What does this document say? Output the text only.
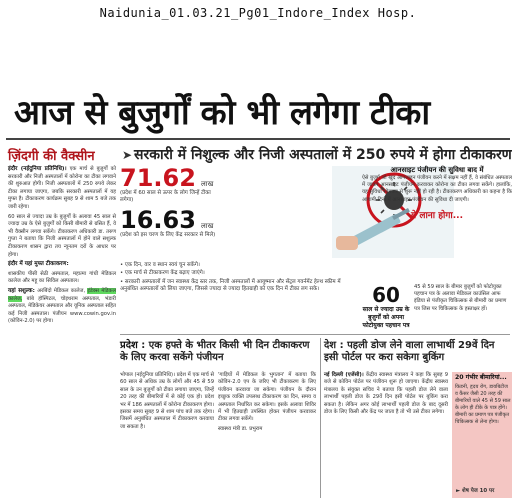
Naidunia_01.03.21_Pg01_Indore_Index Hosp.
आज से बुजुर्गों को भी लगेगा टीका
ज़िंदगी की वैक्सीन ➤ सरकारी में निशुल्क और निजी अस्पतालों में 250 रुपये में होगा टीकाकरण

इंदौर (नईदुनिया प्रतिनिधि)। एक मार्च से बुजुर्गों को सरकारी और निजी अस्पतालों में कोरोना का टीका लगवाने की शुरुआत होगी। निजी अस्पतालों में 250 रुपये लेकर टीका लगाया जाएगा, जबकि सरकारी अस्पतालों में यह मुफ्त है। टीकाकरण कार्यक्रम सुबह 9 से शाम 5 बजे तक जारी रहेगा।

60 साल से ज्यादा उम्र के बुजुर्गों के अलावा 45 साल से ज्यादा उम्र के ऐसे बुजुर्गों को किसी बीमारी से ग्रसित हैं, वे भी वैक्सीन लगवा सकेंगे। टीकाकरण अधिकारी डा. तरुण गुप्ता ने बताया कि निजी अस्पतालों में होने वाले सशुल्क टीकाकरण शासन द्वारा तय न्यूनतम दरों के आधार पर होगा।

इंदौर में यहां मुफ्त टीकाकरण:

शासकीय पीसी सेठी अस्पताल, महात्मा गांधी मेडिकल कालेज और महू का सिविल अस्पताल।

यहां सशुल्क: अरबिंदो मेडिकल कालेज, इंडेक्स मेडिकल कालेज, बांबे हॉस्पिटल, चोइथराम अस्पताल, भंडारी अस्पताल, मेडिकेयर अस्पताल और यूनिक अस्पताल सहित कई निजी अस्पताल। पंजीयन www.cowin.gov.in (कोविन-2.0) पर होगा।

71.62 लाख
(प्रदेश में 60 साल से ऊपर के लोग जिन्हें टीका लगेगा)
16.63 लाख
(प्रदेश को इस चरण के लिए केंद्र सरकार से मिले)
• एक दिन, वार व स्थान स्वयं चुन सकेंगे।
• एक मार्च से टीकाकरण केंद्र बढ़ाए जाएंगे।
• सरकारी अस्पतालों में जन स्वास्थ्य केंद्र स्तर तक, निजी अस्पतालों में आयुष्मान और सेंट्रल गवर्नमेंट हेल्थ स्कीम में अनुबंधित अस्पतालों को लिया जाएगा, जिससे ज्यादा से ज्यादा हितग्राही को एक दिन में टीका लग सके।
आनसाइट पंजीयन की सुविधा बाद में
ऐसे बुजुर्ग जो खुद आनलाइन पंजीयन करने में सक्षम नहीं हैं, वे संबंधित अस्पताल में जाकर आनसाइट पंजीयन करवाकर कोरोना का टीका लगवा सकेंगे। हालांकि, यह सुविधा सोमवार से शुरू नहीं हो रही है। टीकाकरण अधिकारी का कहना है कि आगामी दिनों में आनसाइट पंजीयन की सुविधा दी जाएगी।
ये लाना होगा...
60
साल से ज्यादा उम्र के बुजुर्गों को अपना फोटोयुक्त पहचान पत्र
45 से 59 साल के बीमार बुजुर्गों को फोटोयुक्त पहचान पत्र के अलावा मेडिकल काउंसिल आफ इंडिया से पंजीकृत चिकित्सक से बीमारी का प्रमाण पत्र जिस पर चिकित्सक के हस्ताक्षर हों।
प्रदेश : एक हफ्ते के भीतर किसी भी दिन टीकाकरण के लिए करवा सकेंगे पंजीयन
भोपाल (नईदुनिया प्रतिनिधि)। प्रदेश में एक मार्च से 60 साल से अधिक उम्र के लोगों और 45 से 59 साल के उन बुजुर्गों को टीका लगाया जाएगा, जिन्हें 20 तरह की बीमारियों में से कोई एक हो। प्रदेश भर में 186 अस्पतालों में कोरोना टीकाकरण होगा। इसका समय सुबह 9 से शाम पांच बजे तक रहेगा। जिसमें अनुबंधित अस्पताल में टीकाकरण करवाया जा सकता है।
'गाड़ियों में मेडिकल के भुगतान' में बताया कि कोविन-2.0 एप के जरिए भी टीकाकरण के लिए पंजीयन करवाया जा सकेगा। पंजीयन के दौरान इच्छुक व्यक्ति उपलब्ध टीकाकरण का दिन, समय व अस्पताल निर्धारित कर सकेगा। इसके अलावा शिविर में भी हितग्राही उपस्थित होकर पंजीयन करवाकर टीका लगवा सकेंगे।
स्वास्थ्य मंत्री डा. प्रभुराम
देश : पहली डोज लेने वाला लाभार्थी 29वें दिन इसी पोर्टल पर करा सकेगा बुकिंग
नई दिल्ली (एजेंसी)। केंद्रीय स्वास्थ्य मंत्रालय ने कहा कि सुबह 9 बजे से कोविन पोर्टल पर पंजीयन शुरू हो जाएगा। केंद्रीय स्वास्थ्य मंत्रालय के संयुक्त सचिव ने बताया कि पहली डोज लेने वाला लाभार्थी पहली डोज के 29वें दिन इसी पोर्टल पर बुकिंग करा सकता है। लेकिन अगर कोई लाभार्थी पहली डोज के बाद दूसरी डोज के लिए किसी और केंद्र पर जाता है तो भी उसे टीका लगेगा।
20 गंभीर बीमारियां...
किडनी, हृदय रोग, डायबिटीज व कैंसर जैसी 20 तरह की बीमारियों वाले 45 से 59 साल के लोग ही टीके के पात्र होंगे। बीमारी का प्रमाण पत्र पंजीकृत चिकित्सक से लेना होगा।
► शेष पेज 10 पर
